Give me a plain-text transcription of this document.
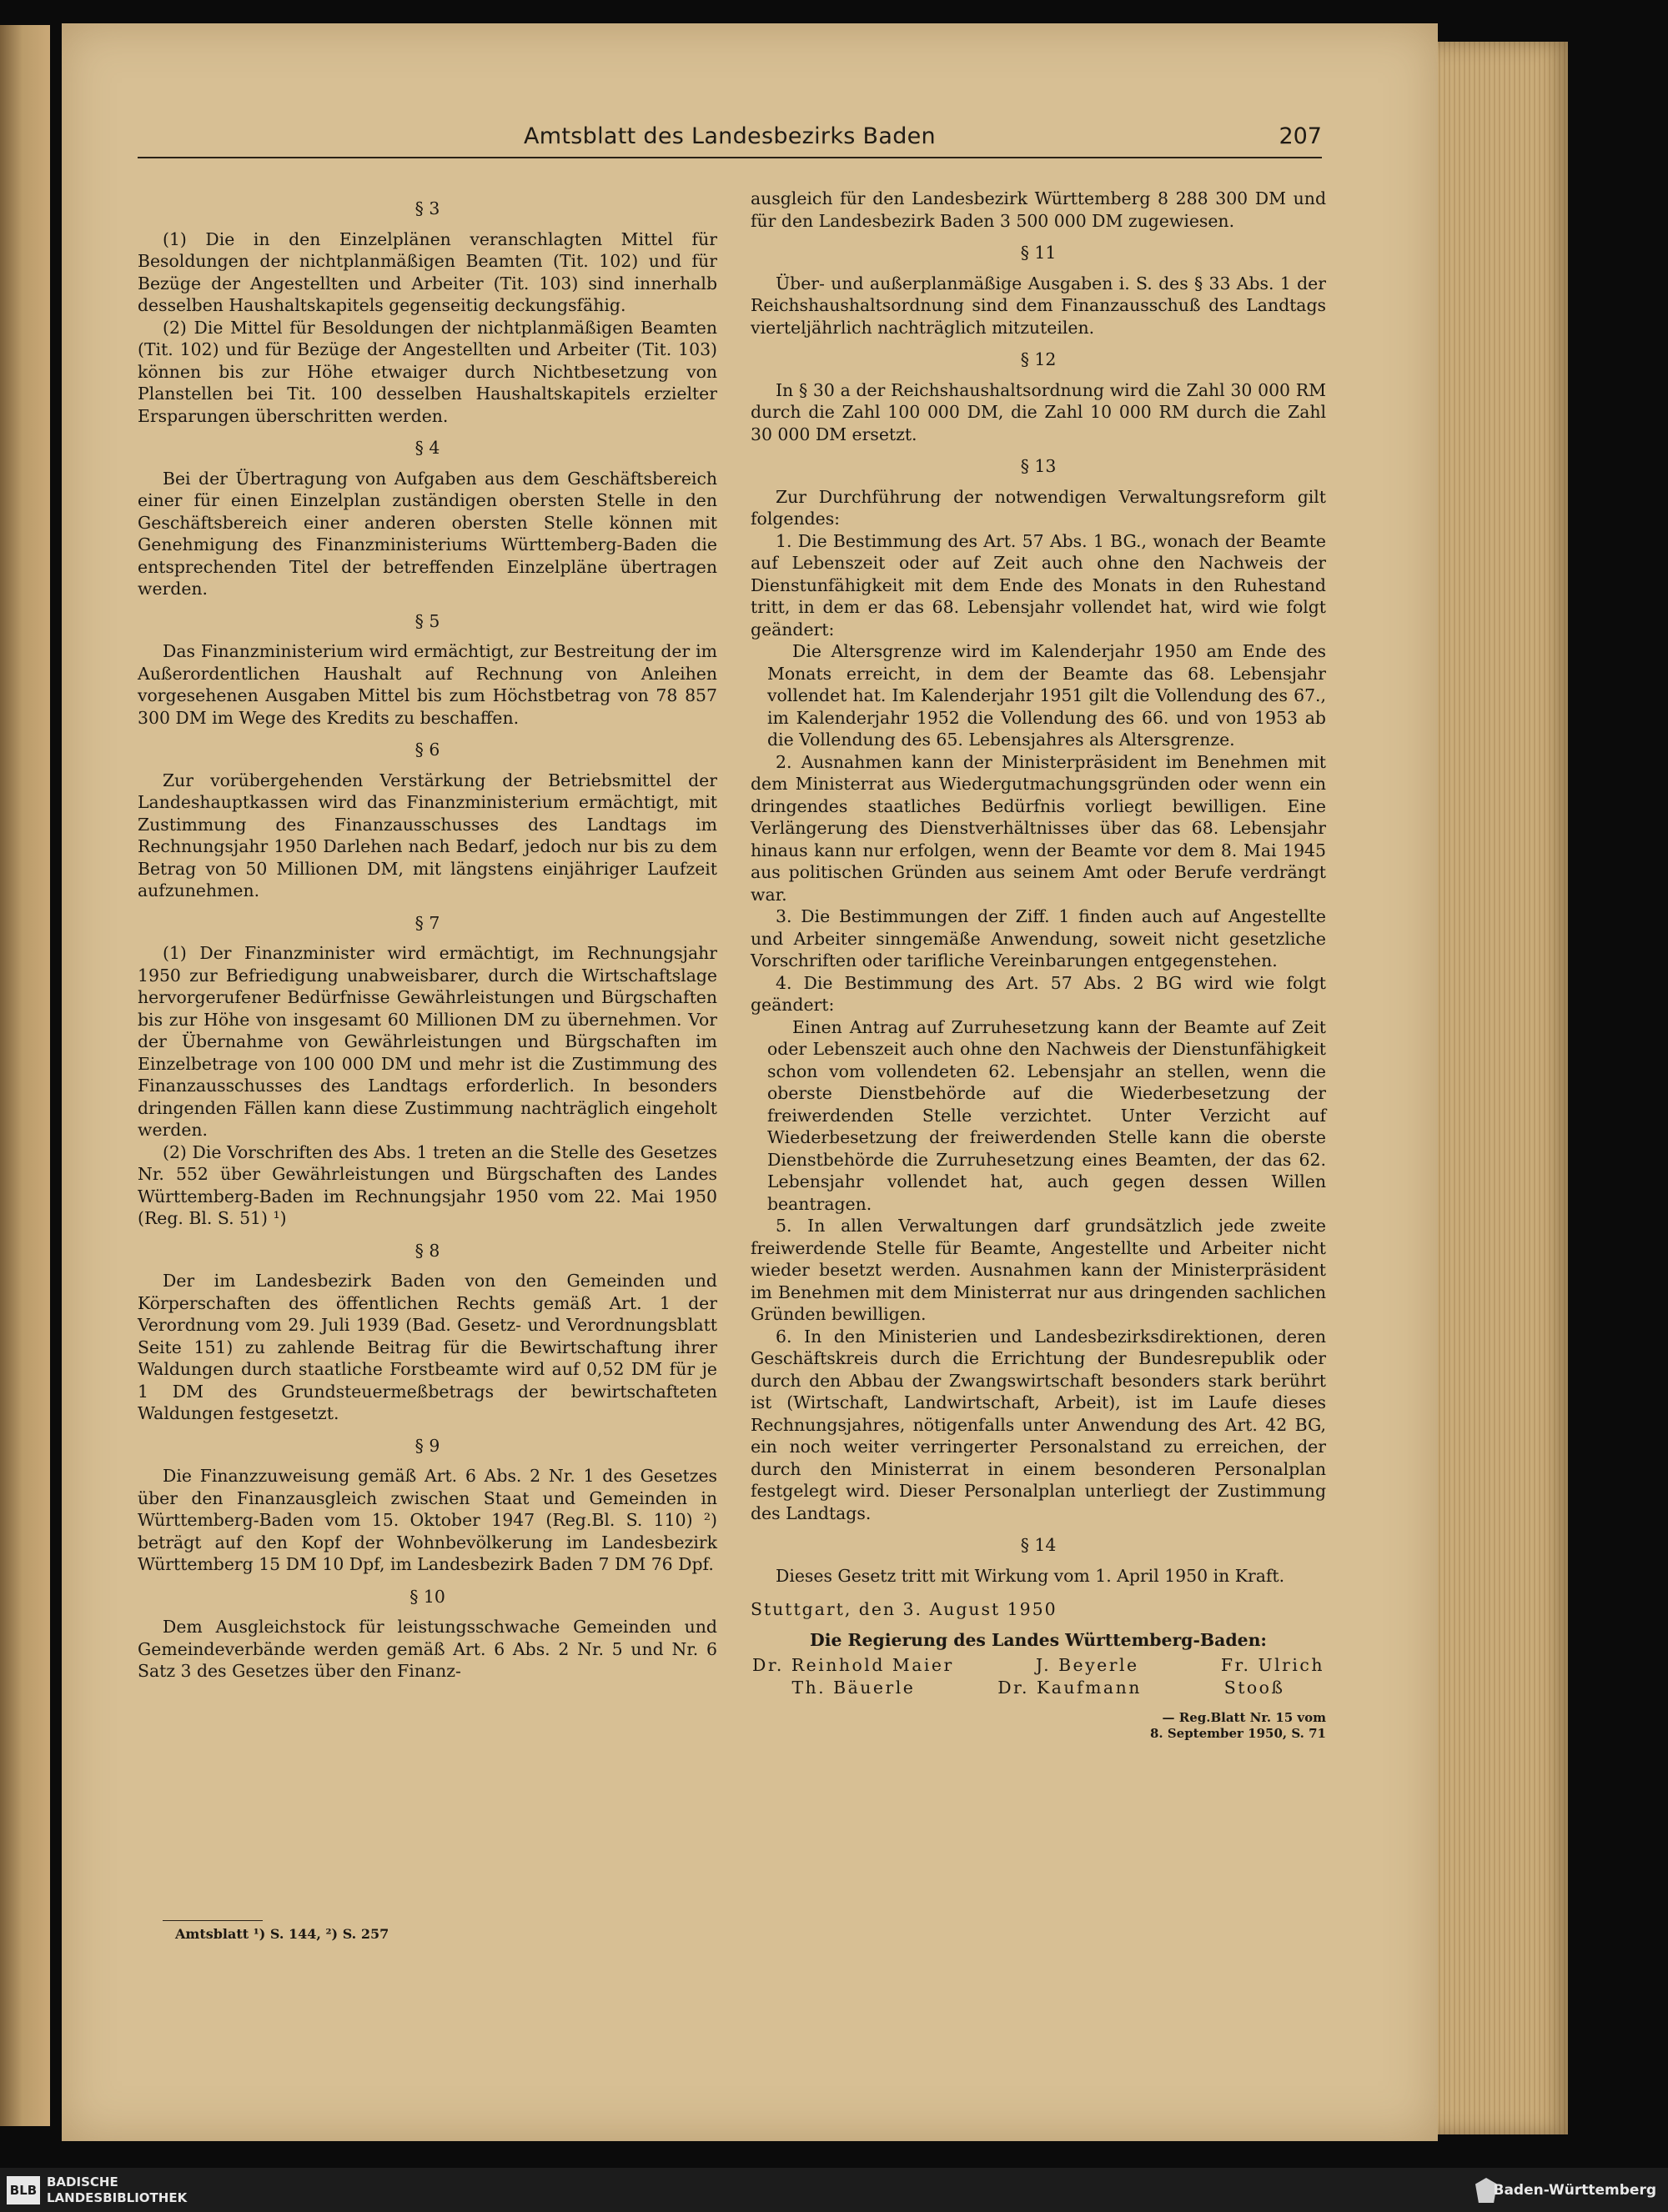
Amtsblatt des Landesbezirks Baden	207
§ 3
(1) Die in den Einzelplänen veranschlagten Mittel für Besoldungen der nichtplanmäßigen Beamten (Tit. 102) und für Bezüge der Angestellten und Arbeiter (Tit. 103) sind innerhalb desselben Haushaltskapitels gegenseitig deckungsfähig.
(2) Die Mittel für Besoldungen der nichtplanmäßigen Beamten (Tit. 102) und für Bezüge der Angestellten und Arbeiter (Tit. 103) können bis zur Höhe etwaiger durch Nichtbesetzung von Planstellen bei Tit. 100 desselben Haushaltskapitels erzielter Ersparungen überschritten werden.
§ 4
Bei der Übertragung von Aufgaben aus dem Geschäftsbereich einer für einen Einzelplan zuständigen obersten Stelle in den Geschäftsbereich einer anderen obersten Stelle können mit Genehmigung des Finanzministeriums Württemberg-Baden die entsprechenden Titel der betreffenden Einzelpläne übertragen werden.
§ 5
Das Finanzministerium wird ermächtigt, zur Bestreitung der im Außerordentlichen Haushalt auf Rechnung von Anleihen vorgesehenen Ausgaben Mittel bis zum Höchstbetrag von 78 857 300 DM im Wege des Kredits zu beschaffen.
§ 6
Zur vorübergehenden Verstärkung der Betriebsmittel der Landeshauptkassen wird das Finanzministerium ermächtigt, mit Zustimmung des Finanzausschusses des Landtags im Rechnungsjahr 1950 Darlehen nach Bedarf, jedoch nur bis zu dem Betrag von 50 Millionen DM, mit längstens einjähriger Laufzeit aufzunehmen.
§ 7
(1) Der Finanzminister wird ermächtigt, im Rechnungsjahr 1950 zur Befriedigung unabweisbarer, durch die Wirtschaftslage hervorgerufener Bedürfnisse Gewährleistungen und Bürgschaften bis zur Höhe von insgesamt 60 Millionen DM zu übernehmen. Vor der Übernahme von Gewährleistungen und Bürgschaften im Einzelbetrage von 100 000 DM und mehr ist die Zustimmung des Finanzausschusses des Landtags erforderlich. In besonders dringenden Fällen kann diese Zustimmung nachträglich eingeholt werden.
(2) Die Vorschriften des Abs. 1 treten an die Stelle des Gesetzes Nr. 552 über Gewährleistungen und Bürgschaften des Landes Württemberg-Baden im Rechnungsjahr 1950 vom 22. Mai 1950 (Reg. Bl. S. 51) ¹)
§ 8
Der im Landesbezirk Baden von den Gemeinden und Körperschaften des öffentlichen Rechts gemäß Art. 1 der Verordnung vom 29. Juli 1939 (Bad. Gesetz- und Verordnungsblatt Seite 151) zu zahlende Beitrag für die Bewirtschaftung ihrer Waldungen durch staatliche Forstbeamte wird auf 0,52 DM für je 1 DM des Grundsteuermeßbetrags der bewirtschafteten Waldungen festgesetzt.
§ 9
Die Finanzzuweisung gemäß Art. 6 Abs. 2 Nr. 1 des Gesetzes über den Finanzausgleich zwischen Staat und Gemeinden in Württemberg-Baden vom 15. Oktober 1947 (Reg.Bl. S. 110) ²) beträgt auf den Kopf der Wohnbevölkerung im Landesbezirk Württemberg 15 DM 10 Dpf, im Landesbezirk Baden 7 DM 76 Dpf.
§ 10
Dem Ausgleichstock für leistungsschwache Gemeinden und Gemeindeverbände werden gemäß Art. 6 Abs. 2 Nr. 5 und Nr. 6 Satz 3 des Gesetzes über den Finanz-
ausgleich für den Landesbezirk Württemberg 8 288 300 DM und für den Landesbezirk Baden 3 500 000 DM zugewiesen.
§ 11
Über- und außerplanmäßige Ausgaben i. S. des § 33 Abs. 1 der Reichshaushaltsordnung sind dem Finanzausschuß des Landtags vierteljährlich nachträglich mitzuteilen.
§ 12
In § 30 a der Reichshaushaltsordnung wird die Zahl 30 000 RM durch die Zahl 100 000 DM, die Zahl 10 000 RM durch die Zahl 30 000 DM ersetzt.
§ 13
Zur Durchführung der notwendigen Verwaltungsreform gilt folgendes:
1. Die Bestimmung des Art. 57 Abs. 1 BG., wonach der Beamte auf Lebenszeit oder auf Zeit auch ohne den Nachweis der Dienstunfähigkeit mit dem Ende des Monats in den Ruhestand tritt, in dem er das 68. Lebensjahr vollendet hat, wird wie folgt geändert:
Die Altersgrenze wird im Kalenderjahr 1950 am Ende des Monats erreicht, in dem der Beamte das 68. Lebensjahr vollendet hat. Im Kalenderjahr 1951 gilt die Vollendung des 67., im Kalenderjahr 1952 die Vollendung des 66. und von 1953 ab die Vollendung des 65. Lebensjahres als Altersgrenze.
2. Ausnahmen kann der Ministerpräsident im Benehmen mit dem Ministerrat aus Wiedergutmachungsgründen oder wenn ein dringendes staatliches Bedürfnis vorliegt bewilligen. Eine Verlängerung des Dienstverhältnisses über das 68. Lebensjahr hinaus kann nur erfolgen, wenn der Beamte vor dem 8. Mai 1945 aus politischen Gründen aus seinem Amt oder Berufe verdrängt war.
3. Die Bestimmungen der Ziff. 1 finden auch auf Angestellte und Arbeiter sinngemäße Anwendung, soweit nicht gesetzliche Vorschriften oder tarifliche Vereinbarungen entgegenstehen.
4. Die Bestimmung des Art. 57 Abs. 2 BG wird wie folgt geändert:
Einen Antrag auf Zurruhesetzung kann der Beamte auf Zeit oder Lebenszeit auch ohne den Nachweis der Dienstunfähigkeit schon vom vollendeten 62. Lebensjahr an stellen, wenn die oberste Dienstbehörde auf die Wiederbesetzung der freiwerdenden Stelle verzichtet. Unter Verzicht auf Wiederbesetzung der freiwerdenden Stelle kann die oberste Dienstbehörde die Zurruhesetzung eines Beamten, der das 62. Lebensjahr vollendet hat, auch gegen dessen Willen beantragen.
5. In allen Verwaltungen darf grundsätzlich jede zweite freiwerdende Stelle für Beamte, Angestellte und Arbeiter nicht wieder besetzt werden. Ausnahmen kann der Ministerpräsident im Benehmen mit dem Ministerrat nur aus dringenden sachlichen Gründen bewilligen.
6. In den Ministerien und Landesbezirksdirektionen, deren Geschäftskreis durch die Errichtung der Bundesrepublik oder durch den Abbau der Zwangswirtschaft besonders stark berührt ist (Wirtschaft, Landwirtschaft, Arbeit), ist im Laufe dieses Rechnungsjahres, nötigenfalls unter Anwendung des Art. 42 BG, ein noch weiter verringerter Personalstand zu erreichen, der durch den Ministerrat in einem besonderen Personalplan festgelegt wird. Dieser Personalplan unterliegt der Zustimmung des Landtags.
§ 14
Dieses Gesetz tritt mit Wirkung vom 1. April 1950 in Kraft.
Stuttgart, den 3. August 1950
Die Regierung des Landes Württemberg-Baden:
Dr. Reinhold Maier	J. Beyerle	Fr. Ulrich
Th. Bäuerle	Dr. Kaufmann	Stooß
— Reg.Blatt Nr. 15 vom
8. September 1950, S. 71
Amtsblatt ¹) S. 144, ²) S. 257
BLB
BADISCHE
LANDESBIBLIOTHEK	Baden-Württemberg
